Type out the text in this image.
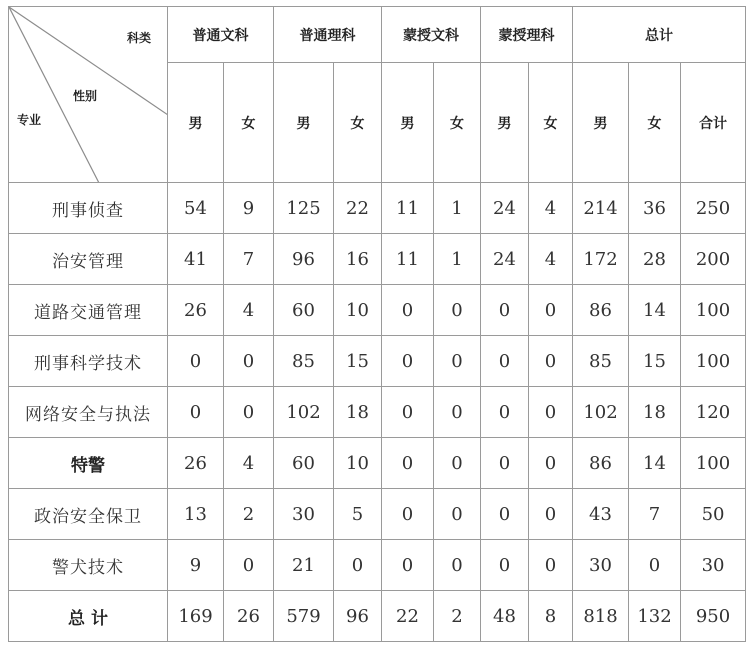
科类
性别
专业	普通文科		普通理科		蒙授文科		蒙授理科		总计		
	男	女	男	女	男	女	男	女	男	女	合计
刑事侦查	54	9	125	22	11	1	24	4	214	36	250
治安管理	41	7	96	16	11	1	24	4	172	28	200
道路交通管理	26	4	60	10	0	0	0	0	86	14	100
刑事科学技术	0	0	85	15	0	0	0	0	85	15	100
网络安全与执法	0	0	102	18	0	0	0	0	102	18	120
特警	26	4	60	10	0	0	0	0	86	14	100
政治安全保卫	13	2	30	5	0	0	0	0	43	7	50
警犬技术	9	0	21	0	0	0	0	0	30	0	30
总 计	169	26	579	96	22	2	48	8	818	132	950
